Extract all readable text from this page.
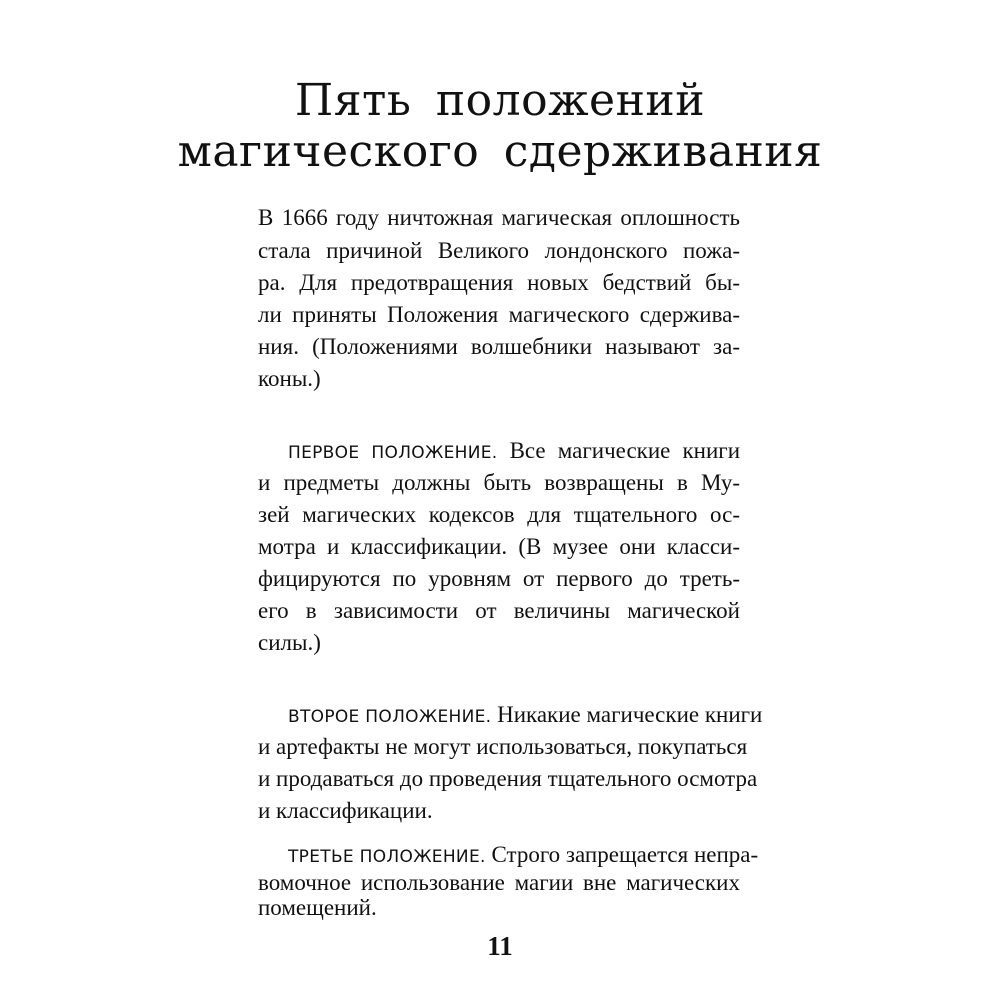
Пять положений
магического сдерживания

В 1666 году ничтожная магическая оплошность

стала причиной Великого лондонского пожа-

ра. Для предотвращения новых бедствий бы-

ли приняты Положения магического сдержива-

ния. (Положениями волшебники называют за-

коны.)

ПЕРВОЕ ПОЛОЖЕНИЕ. Все магические книги

и предметы должны быть возвращены в Му-

зей магических кодексов для тщательного ос-

мотра и классификации. (В музее они класси-

фицируются по уровням от первого до треть-

его в зависимости от величины магической

силы.)

ВТОРОЕ ПОЛОЖЕНИЕ. Никакие магические книги

и артефакты не могут использоваться, покупаться

и продаваться до проведения тщательного осмотра

и классификации.

ТРЕТЬЕ ПОЛОЖЕНИЕ. Строго запрещается непра-

вомочное использование магии вне магических

помещений.

11
